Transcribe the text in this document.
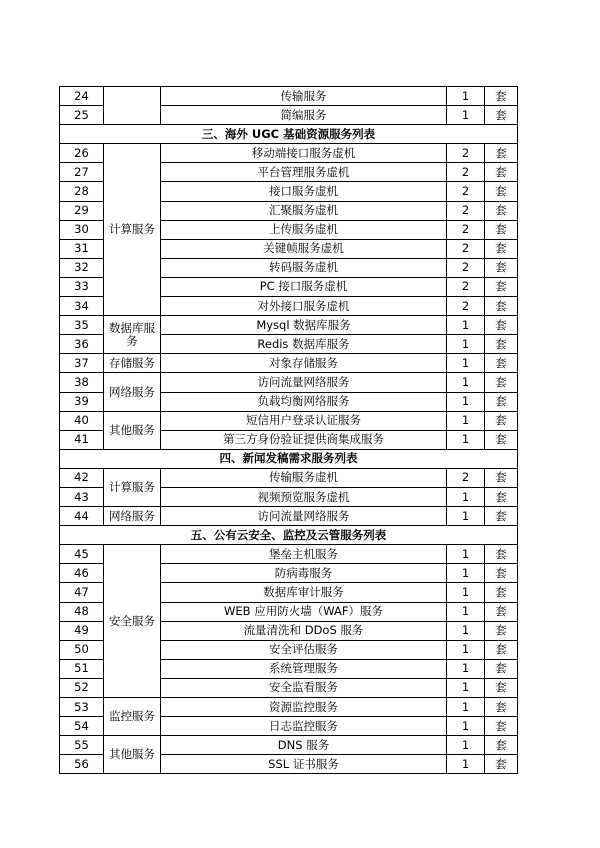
24		传输服务	1	套
25		简编服务	1	套
三、海外 UGC 基础资源服务列表				
26	计算服务	移动端接口服务虚机	2	套
27		平台管理服务虚机	2	套
28		接口服务虚机	2	套
29		汇聚服务虚机	2	套
30		上传服务虚机	2	套
31		关键帧服务虚机	2	套
32		转码服务虚机	2	套
33		PC 接口服务虚机	2	套
34		对外接口服务虚机	2	套
35	数据库服务	Mysql 数据库服务	1	套
36		Redis 数据库服务	1	套
37	存储服务	对象存储服务	1	套
38	网络服务	访问流量网络服务	1	套
39		负载均衡网络服务	1	套
40	其他服务	短信用户登录认证服务	1	套
41		第三方身份验证提供商集成服务	1	套
四、新闻发稿需求服务列表				
42	计算服务	传输服务虚机	2	套
43		视频预览服务虚机	1	套
44	网络服务	访问流量网络服务	1	套
五、公有云安全、监控及云管服务列表				
45	安全服务	堡垒主机服务	1	套
46		防病毒服务	1	套
47		数据库审计服务	1	套
48		WEB 应用防火墙（WAF）服务	1	套
49		流量清洗和 DDoS 服务	1	套
50		安全评估服务	1	套
51		系统管理服务	1	套
52		安全监看服务	1	套
53	监控服务	资源监控服务	1	套
54		日志监控服务	1	套
55	其他服务	DNS 服务	1	套
56		SSL 证书服务	1	套
